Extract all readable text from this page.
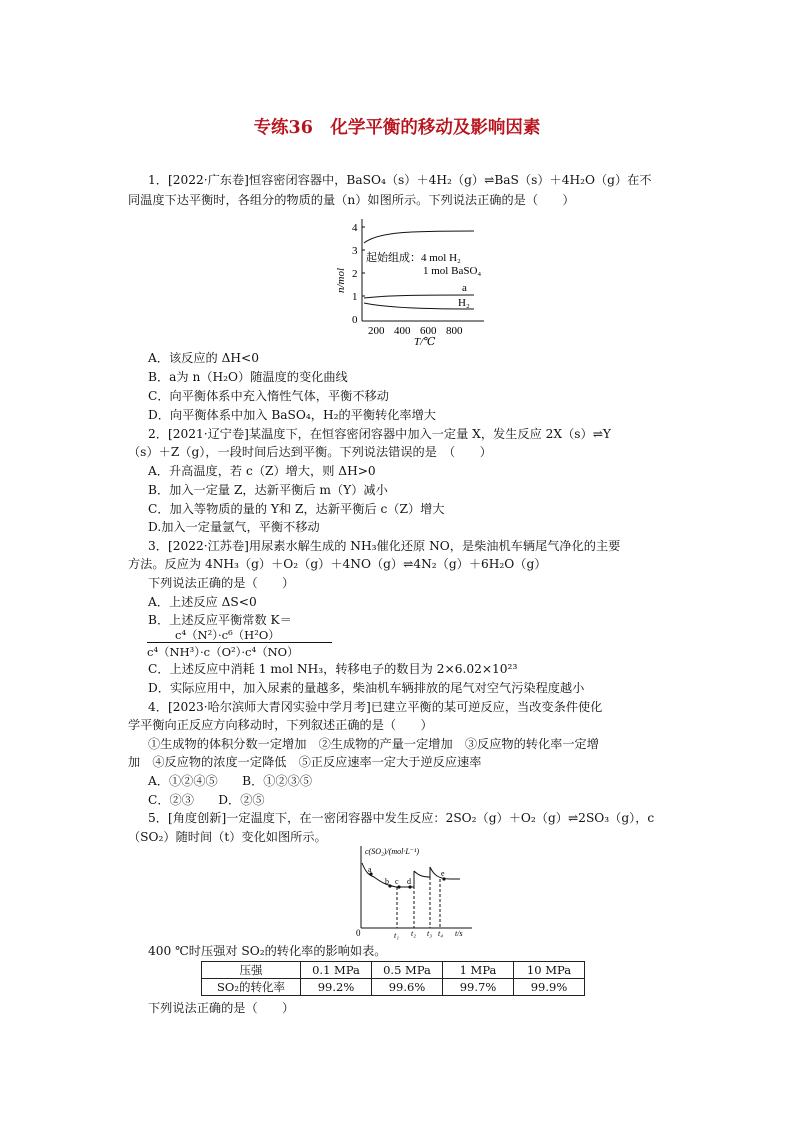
专练36　化学平衡的移动及影响因素
1．[2022·广东卷]恒容密闭容器中，BaSO₄（s）＋4H₂（g）⇌BaS（s）＋4H₂O（g）在不
同温度下达平衡时，各组分的物质的量（n）如图所示。下列说法正确的是（　　）
4
3
2
1
0
n/mol
起始组成：4 mol H₂
1 mol BaSO₄
a
H₂
200 400 600 800
T/℃
A．该反应的 ΔH<0
B．a为 n（H₂O）随温度的变化曲线
C．向平衡体系中充入惰性气体，平衡不移动
D．向平衡体系中加入 BaSO₄，H₂的平衡转化率增大
2．[2021·辽宁卷]某温度下，在恒容密闭容器中加入一定量 X，发生反应 2X（s）⇌Y
（s）＋Z（g），一段时间后达到平衡。下列说法错误的是　（　　）
A．升高温度，若 c（Z）增大，则 ΔH>0
B．加入一定量 Z，达新平衡后 m（Y）减小
C．加入等物质的量的 Y和 Z，达新平衡后 c（Z）增大
D.加入一定量氩气，平衡不移动
3．[2022·江苏卷]用尿素水解生成的 NH₃催化还原 NO，是柴油机车辆尾气净化的主要
方法。反应为 4NH₃（g）＋O₂（g）＋4NO（g）⇌4N₂（g）＋6H₂O（g）
下列说法正确的是（　　）
A．上述反应 ΔS<0
B．上述反应平衡常数 K＝
c⁴（N²）·c⁶（H²O）
c⁴（NH³）·c（O²）·c⁴（NO）
C．上述反应中消耗 1 mol NH₃，转移电子的数目为 2×6.02×10²³
D．实际应用中，加入尿素的量越多，柴油机车辆排放的尾气对空气污染程度越小
4．[2023·哈尔滨师大青冈实验中学月考]已建立平衡的某可逆反应，当改变条件使化
学平衡向正反应方向移动时，下列叙述正确的是（　　）
①生成物的体积分数一定增加　②生成物的产量一定增加　③反应物的转化率一定增
加　④反应物的浓度一定降低　⑤正反应速率一定大于逆反应速率
A．①②④⑤　　B．①②③⑤
C．②③　　D．②⑤
5．[角度创新]一定温度下，在一密闭容器中发生反应：2SO₂（g）＋O₂（g）⇌2SO₃（g），c
（SO₂）随时间（t）变化如图所示。
c(SO₂)/(mol·L⁻¹)
0	t/s
a
b c d
e
t₁ t₂ t₃ t₄
400 ℃时压强对 SO₂的转化率的影响如表。
压强	0.1 MPa	0.5 MPa	1 MPa	10 MPa
SO₂的转化率	99.2%	99.6%	99.7%	99.9%
下列说法正确的是（　　）
